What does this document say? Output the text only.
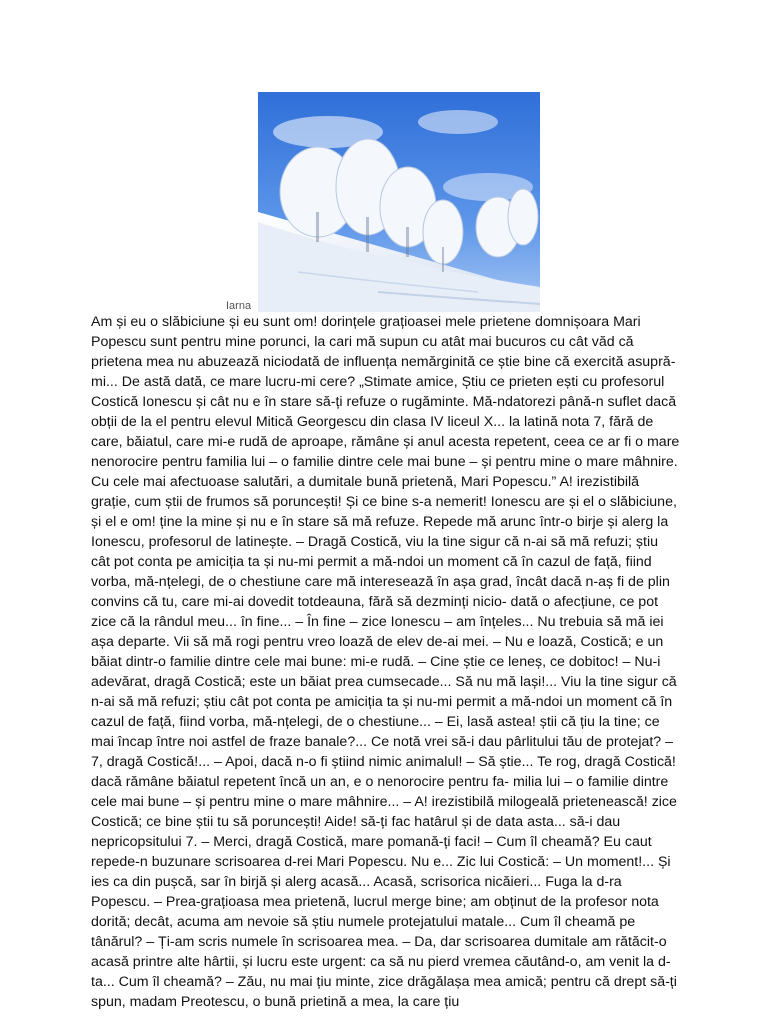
Iarna

Am și eu o slăbiciune și eu sunt om! dorințele grațioasei mele prietene domnișoara Mari Popescu sunt pentru mine porunci, la cari mă supun cu atât mai bucuros cu cât văd că prietena mea nu abuzează niciodată de influența nemărginită ce știe bine că exercită asupră-mi... De astă dată, ce mare lucru-mi cere? „Stimate amice, Știu ce prieten ești cu profesorul Costică Ionescu și cât nu e în stare să-ți refuze o rugăminte. Mă-ndatorezi până-n suflet dacă obții de la el pentru elevul Mitică Georgescu din clasa IV liceul X... la latină nota 7, fără de care, băiatul, care mi-e rudă de aproape, rămâne și anul acesta repetent, ceea ce ar fi o mare nenorocire pentru familia lui – o familie dintre cele mai bune – și pentru mine o mare mâhnire. Cu cele mai afectuoase salutări, a dumitale bună prietenă, Mari Popescu.” A! irezistibilă grație, cum știi de frumos să poruncești! Și ce bine s-a nemerit! Ionescu are și el o slăbiciune, și el e om! ține la mine și nu e în stare să mă refuze. Repede mă arunc într-o birje și alerg la Ionescu, profesorul de latinește. – Dragă Costică, viu la tine sigur că n-ai să mă refuzi; știu cât pot conta pe amiciția ta și nu-mi permit a mă-ndoi un moment că în cazul de față, fiind vorba, mă-nțelegi, de o chestiune care mă interesează în așa grad, încât dacă n-aș fi de plin convins că tu, care mi-ai dovedit totdeauna, fără să dezminți nicio- dată o afecțiune, ce pot zice că la rândul meu... în fine... – În fine – zice Ionescu – am înțeles... Nu trebuia să mă iei așa departe. Vii să mă rogi pentru vreo loază de elev de-ai mei. – Nu e loază, Costică; e un băiat dintr-o familie dintre cele mai bune: mi-e rudă. – Cine știe ce leneș, ce dobitoc! – Nu-i adevărat, dragă Costică; este un băiat prea cumsecade... Să nu mă lași!... Viu la tine sigur că n-ai să mă refuzi; știu cât pot conta pe amiciția ta și nu-mi permit a mă-ndoi un moment că în cazul de față, fiind vorba, mă-nțelegi, de o chestiune... – Ei, lasă astea! știi că țiu la tine; ce mai încap între noi astfel de fraze banale?... Ce notă vrei să-i dau pârlitului tău de protejat? – 7, dragă Costică!... – Apoi, dacă n-o fi știind nimic animalul! – Să știe... Te rog, dragă Costică! dacă rămâne băiatul repetent încă un an, e o nenorocire pentru fa- milia lui – o familie dintre cele mai bune – și pentru mine o mare mâhnire... – A! irezistibilă milogeală prietenească! zice Costică; ce bine știi tu să poruncești! Aide! să-ți fac hatârul și de data asta... să-i dau nepricopsitului 7. – Merci, dragă Costică, mare pomană-ți faci! – Cum îl cheamă? Eu caut repede-n buzunare scrisoarea d-rei Mari Popescu. Nu e... Zic lui Costică: – Un moment!... Și ies ca din pușcă, sar în birjă și alerg acasă... Acasă, scrisorica nicăieri... Fuga la d-ra Popescu. – Prea-grațioasa mea prietenă, lucrul merge bine; am obținut de la profesor nota dorită; decât, acuma am nevoie să știu numele protejatului matale... Cum îl cheamă pe tânărul? – Ți-am scris numele în scrisoarea mea. – Da, dar scrisoarea dumitale am rătăcit-o acasă printre alte hârtii, și lucru este urgent: ca să nu pierd vremea căutând-o, am venit la d-ta... Cum îl cheamă? – Zău, nu mai țiu minte, zice drăgălașa mea amică; pentru că drept să-ți spun, madam Preotescu, o bună prietină a mea, la care țiu
